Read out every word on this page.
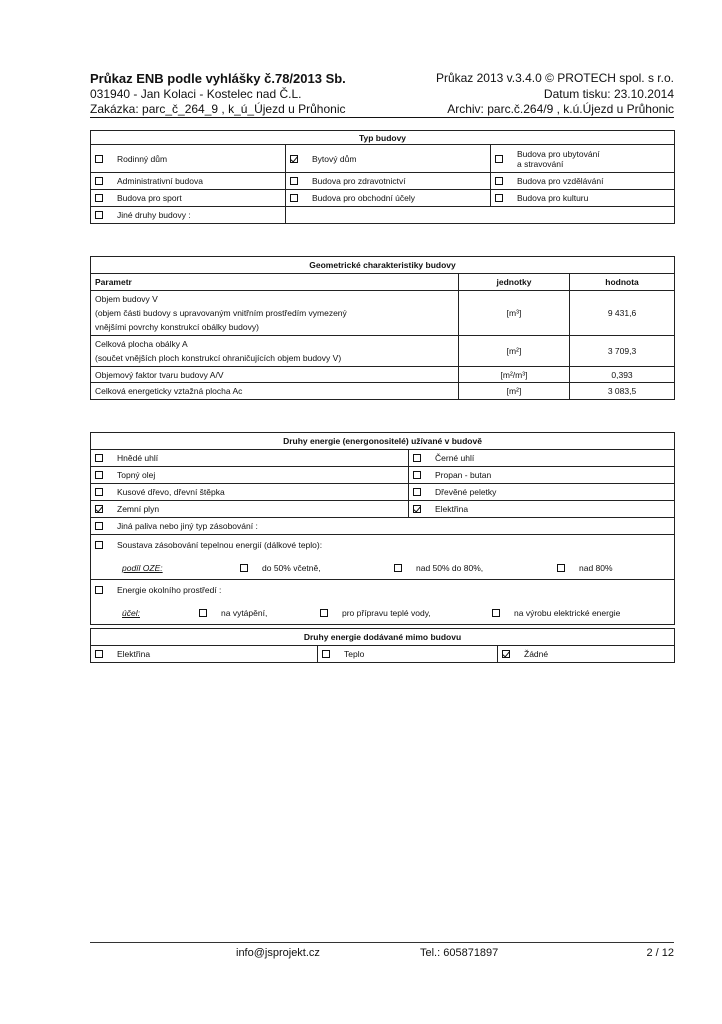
Průkaz ENB podle vyhlášky č.78/2013 Sb.	Průkaz 2013 v.3.4.0 © PROTECH spol. s r.o.
031940 - Jan Kolaci - Kostelec nad Č.L.	Datum tisku: 23.10.2014
Zakázka: parc_č_264_9 , k_ú_Újezd u Průhonic	Archiv: parc.č.264/9 , k.ú.Újezd u Průhonic
Typ budovy		
Rodinný dům	Bytový dům	Budova pro ubytování
a stravování
Administrativní budova	Budova pro zdravotnictví	Budova pro vzdělávání
Budova pro sport	Budova pro obchodní účely	Budova pro kulturu
Jiné druhy budovy :		
Geometrické charakteristiky budovy		
Parametr	jednotky	hodnota
Objem budovy V
(objem části budovy s upravovaným vnitřním prostředím vymezený
vnějšími povrchy konstrukcí obálky budovy)	[m³]	9 431,6
Celková plocha obálky A
(součet vnějších ploch konstrukcí ohraničujících objem budovy V)	[m²]	3 709,3
Objemový faktor tvaru budovy A/V	[m²/m³]	0,393
Celková energeticky vztažná plocha Ac	[m²]	3 083,5
Druhy energie (energonositelé) užívané v budově	
Hnědé uhlí	Černé uhlí
Topný olej	Propan - butan
Kusové dřevo, dřevní štěpka	Dřevěné peletky
Zemní plyn	Elektřina
Jiná paliva nebo jiný typ zásobování :	

Soustava zásobování tepelnou energií (dálkové teplo):
podíl OZE: do 50% včetně, nad 50% do 80%, nad 80%	

Energie okolního prostředí :
účel: na vytápění, pro přípravu teplé vody, na výrobu elektrické energie	
Druhy energie dodávané mimo budovu
Elektřina	Teplo	Žádné
info@jsprojekt.cz	Tel.: 605871897	2 / 12
